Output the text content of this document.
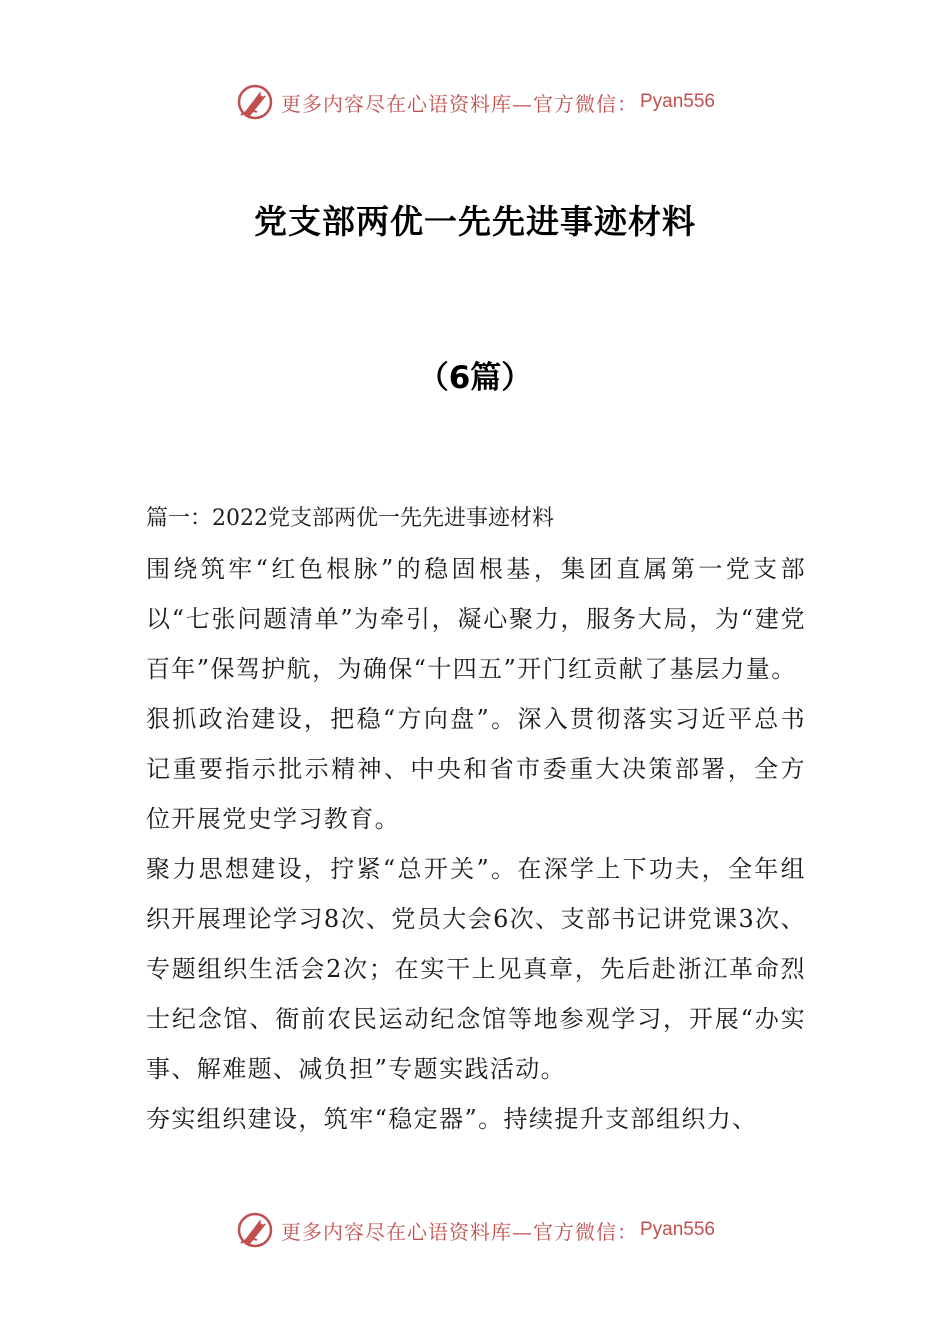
更多内容尽在心语资料库—官方微信： Pyan556
党支部两优一先先进事迹材料
（6篇）
篇一：2022党支部两优一先先进事迹材料

围绕筑牢“红色根脉”的稳固根基，集团直属第一党支部以“七张问题清单”为牵引，凝心聚力，服务大局，为“建党百年”保驾护航，为确保“十四五”开门红贡献了基层力量。

狠抓政治建设，把稳“方向盘”。深入贯彻落实习近平总书记重要指示批示精神、中央和省市委重大决策部署，全方位开展党史学习教育。

聚力思想建设，拧紧“总开关”。在深学上下功夫，全年组织开展理论学习8次、党员大会6次、支部书记讲党课3次、专题组织生活会2次；在实干上见真章，先后赴浙江革命烈士纪念馆、衙前农民运动纪念馆等地参观学习，开展“办实事、解难题、减负担”专题实践活动。

夯实组织建设，筑牢“稳定器”。持续提升支部组织力、

更多内容尽在心语资料库—官方微信： Pyan556
